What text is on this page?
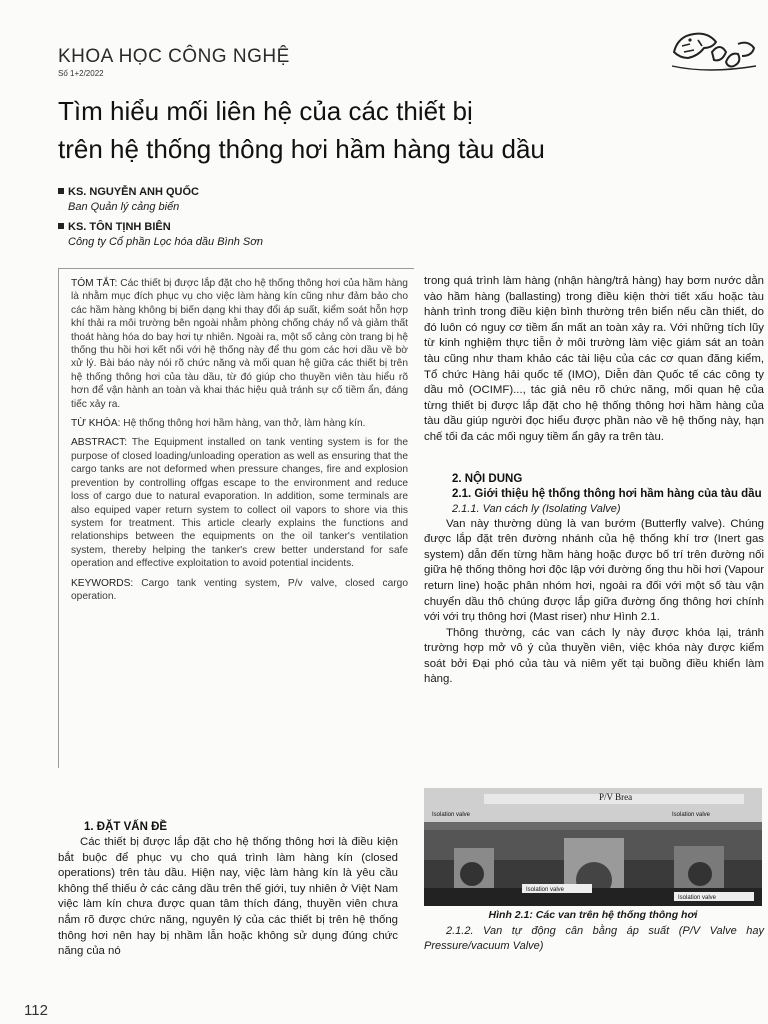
KHOA HỌC CÔNG NGHỆ
Số 1+2/2022
Tìm hiểu mối liên hệ của các thiết bị
trên hệ thống thông hơi hầm hàng tàu dầu
KS. NGUYỄN ANH QUỐC
Ban Quản lý cảng biển
KS. TÔN TỊNH BIÊN
Công ty Cổ phần Lọc hóa dầu Bình Sơn

TÓM TẮT: Các thiết bị được lắp đặt cho hệ thống thông hơi của hầm hàng là nhằm mục đích phục vụ cho việc làm hàng kín cũng như đảm bảo cho các hầm hàng không bị biến dạng khi thay đổi áp suất, kiểm soát hỗn hợp khí thải ra môi trường bên ngoài nhằm phòng chống cháy nổ và giảm thất thoát hàng hóa do bay hơi tự nhiên. Ngoài ra, một số cảng còn trang bị hệ thống thu hồi hơi kết nối với hệ thống này để thu gom các hơi dầu về bờ xử lý. Bài báo này nói rõ chức năng và mối quan hệ giữa các thiết bị trên hệ thống thông hơi của tàu dầu, từ đó giúp cho thuyền viên tàu hiểu rõ hơn để vận hành an toàn và khai thác hiệu quả tránh sự cố tiềm ẩn, đáng tiếc xảy ra.

TỪ KHÓA: Hệ thống thông hơi hầm hàng, van thở, làm hàng kín.

ABSTRACT: The Equipment installed on tank venting system is for the purpose of closed loading/unloading operation as well as ensuring that the cargo tanks are not deformed when pressure changes, fire and explosion prevention by controlling offgas escape to the environment and reduce loss of cargo due to natural evaporation. In addition, some terminals are also equiped vaper return system to collect oil vapors to shore via this system for treatment. This article clearly explains the functions and relationships between the equipments on the oil tanker's ventilation system, thereby helping the tanker's crew better understand for safe operation and effective exploitation to avoid potential incidents.

KEYWORDS: Cargo tank venting system, P/v valve, closed cargo operation.

1. ĐẶT VẤN ĐỀ

Các thiết bị được lắp đặt cho hệ thống thông hơi là điều kiện bắt buộc để phục vụ cho quá trình làm hàng kín (closed operations) trên tàu dầu. Hiện nay, việc làm hàng kín là yêu cầu không thể thiếu ở các cảng dầu trên thế giới, tuy nhiên ở Việt Nam việc làm kín chưa được quan tâm thích đáng, thuyền viên chưa nắm rõ được chức năng, nguyên lý của các thiết bị trên hệ thống thông hơi nên hay bị nhầm lẫn hoặc không sử dụng đúng chức năng của nó

trong quá trình làm hàng (nhận hàng/trả hàng) hay bơm nước dằn vào hầm hàng (ballasting) trong điều kiện thời tiết xấu hoặc tàu hành trình trong điều kiện bình thường trên biển nếu cần thiết, do đó luôn có nguy cơ tiềm ẩn mất an toàn xảy ra. Với những tích lũy từ kinh nghiệm thực tiễn ở môi trường làm việc giám sát an toàn tàu cũng như tham khảo các tài liệu của các cơ quan đăng kiểm, Tổ chức Hàng hải quốc tế (IMO), Diễn đàn Quốc tế các công ty dầu mỏ (OCIMF)..., tác giả nêu rõ chức năng, mối quan hệ của từng thiết bị được lắp đặt cho hệ thống thông hơi hầm hàng của tàu dầu giúp người đọc hiểu được phần nào về hệ thống này, hạn chế tối đa các mối nguy tiềm ẩn gây ra trên tàu.

2. NỘI DUNG
2.1. Giới thiệu hệ thống thông hơi hầm hàng của tàu dầu
2.1.1. Van cách ly (Isolating Valve)

Van này thường dùng là van bướm (Butterfly valve). Chúng được lắp đặt trên đường nhánh của hệ thống khí trơ (Inert gas system) dẫn đến từng hầm hàng hoặc được bố trí trên đường nối giữa hệ thống thông hơi độc lập với đường ống thu hồi hơi (Vapour return line) hoặc phân nhóm hơi, ngoài ra đối với một số tàu vận chuyển dầu thô chúng được lắp giữa đường ống thông hơi chính với với trụ thông hơi (Mast riser) như Hình 2.1.

Thông thường, các van cách ly này được khóa lại, tránh trường hợp mở vô ý của thuyền viên, việc khóa này được kiểm soát bởi Đại phó của tàu và niêm yết tại buồng điều khiển làm hàng.

P/V Brea
Isolation valve	Isolation valve
Isolation valve
Isolation valve
Hình 2.1: Các van trên hệ thống thông hơi
2.1.2. Van tự động cân bằng áp suất (P/V Valve hay Pressure/vacuum Valve)
112
